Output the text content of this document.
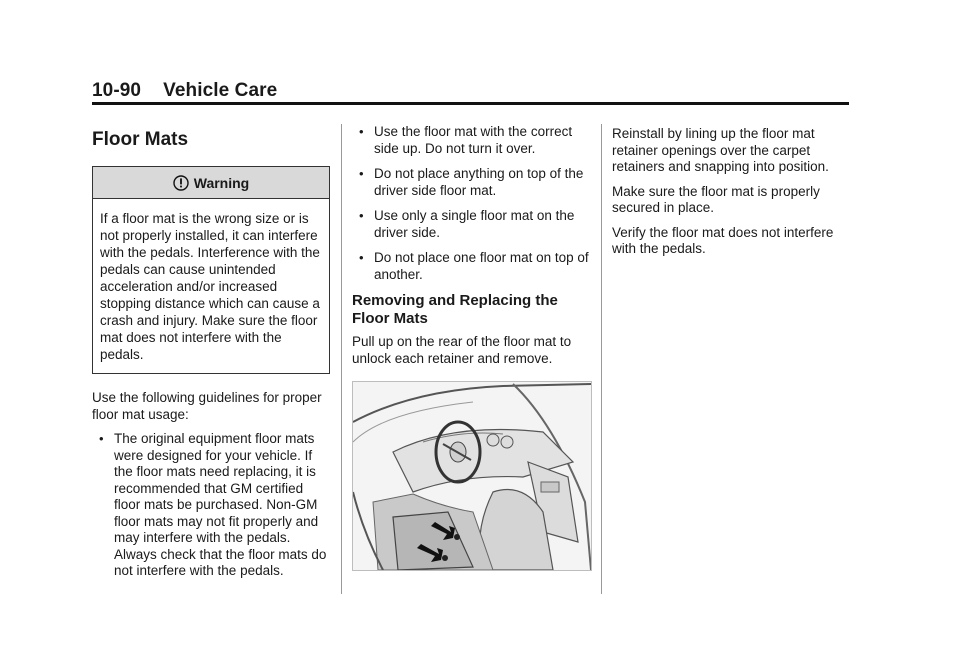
10-90 Vehicle Care
Floor Mats
Warning
If a floor mat is the wrong size or is not properly installed, it can interfere with the pedals. Interference with the pedals can cause unintended acceleration and/or increased stopping distance which can cause a crash and injury. Make sure the floor mat does not interfere with the pedals.

Use the following guidelines for proper floor mat usage:

• The original equipment floor mats were designed for your vehicle. If the floor mats need replacing, it is recommended that GM certified floor mats be purchased. Non-GM floor mats may not fit properly and may interfere with the pedals. Always check that the floor mats do not interfere with the pedals.
• Use the floor mat with the correct side up. Do not turn it over.
• Do not place anything on top of the driver side floor mat.
• Use only a single floor mat on the driver side.
• Do not place one floor mat on top of another.
Removing and Replacing the Floor Mats

Pull up on the rear of the floor mat to unlock each retainer and remove.

Reinstall by lining up the floor mat retainer openings over the carpet retainers and snapping into position.

Make sure the floor mat is properly secured in place.

Verify the floor mat does not interfere with the pedals.
